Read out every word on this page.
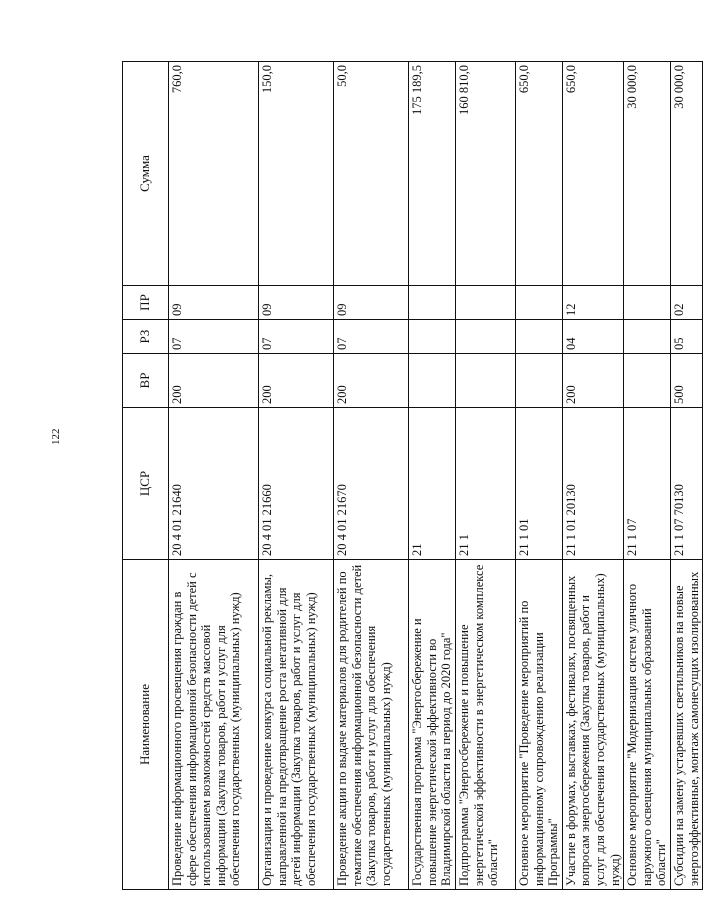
122
Наименование	ЦСР	ВР	РЗ	ПР	Сумма
Проведение информационного просвещения граждан в сфере обеспечения информационной безопасности детей с использованием возможностей средств массовой информации (Закупка товаров, работ и услуг для обеспечения государственных (муниципальных) нужд)	20 4 01 21640	200	07	09	760,0
Организация и проведение конкурса социальной рекламы, направленной на предотвращение роста негативной для детей информации (Закупка товаров, работ и услуг для обеспечения государственных (муниципальных) нужд)	20 4 01 21660	200	07	09	150,0
Проведение акции по выдаче материалов для родителей по тематике обеспечения информационной безопасности детей (Закупка товаров, работ и услуг для обеспечения государственных (муниципальных) нужд)	20 4 01 21670	200	07	09	50,0
Государственная программа "Энергосбережение и повышение энергетической эффективности во Владимирской области на период до 2020 года"	21				175 189,5
Подпрограмма "Энергосбережение и повышение энергетической эффективности в энергетическом комплексе области"	21 1				160 810,0
Основное мероприятие "Проведение мероприятий по информационному сопровождению реализации Программы"	21 1 01				650,0
Участие в форумах, выставках, фестивалях, посвященных вопросам энергосбережения (Закупка товаров, работ и услуг для обеспечения государственных (муниципальных) нужд)	21 1 01 20130	200	04	12	650,0
Основное мероприятие "Модернизация систем уличного наружного освещения муниципальных образований области"	21 1 07				30 000,0
Субсидии на замену устаревших светильников на новые энергоэффективные, монтаж самонесущих изолированных	21 1 07 70130	500	05	02	30 000,0
